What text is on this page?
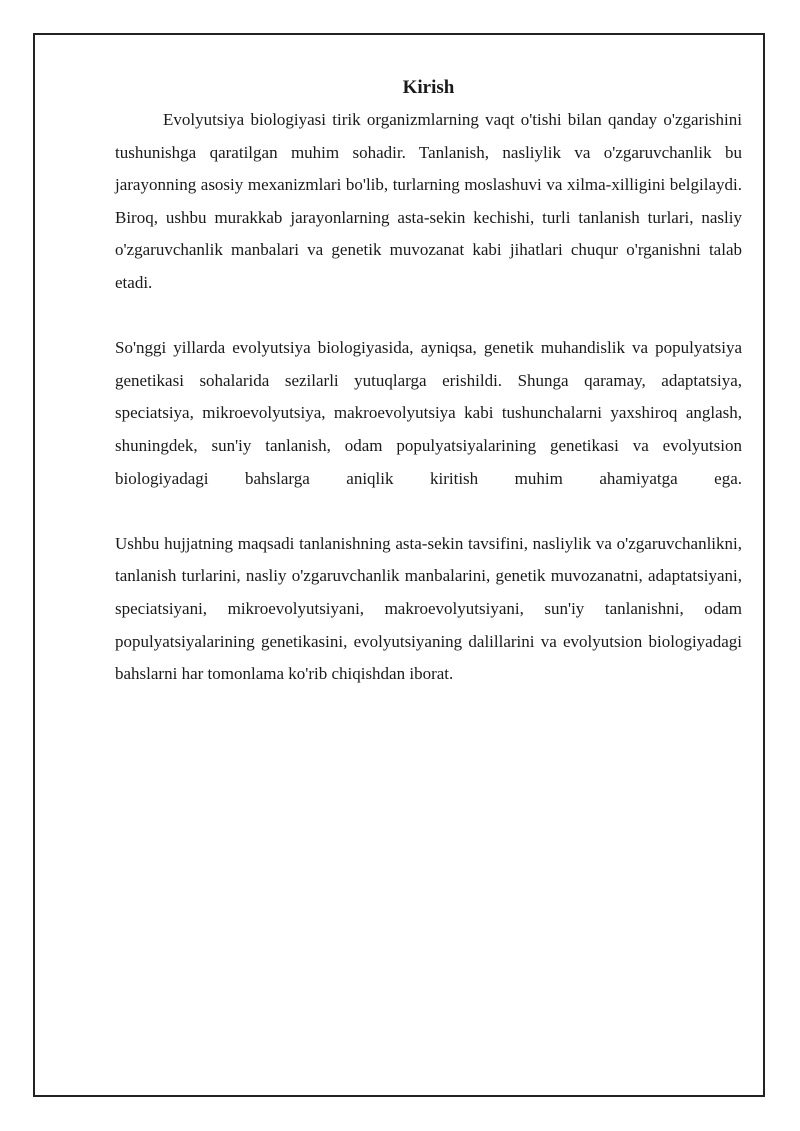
Kirish

Evolyutsiya biologiyasi tirik organizmlarning vaqt o'tishi bilan qanday o'zgarishini tushunishga qaratilgan muhim sohadir. Tanlanish, nasliylik va o'zgaruvchanlik bu jarayonning asosiy mexanizmlari bo'lib, turlarning moslashuvi va xilma-xilligini belgilaydi. Biroq, ushbu murakkab jarayonlarning asta-sekin kechishi, turli tanlanish turlari, nasliy o'zgaruvchanlik manbalari va genetik muvozanat kabi jihatlari chuqur o'rganishni talab etadi.

So'nggi yillarda evolyutsiya biologiyasida, ayniqsa, genetik muhandislik va populyatsiya genetikasi sohalarida sezilarli yutuqlarga erishildi. Shunga qaramay, adaptatsiya, speciatsiya, mikroevolyutsiya, makroevolyutsiya kabi tushunchalarni yaxshiroq anglash, shuningdek, sun'iy tanlanish, odam populyatsiyalarining genetikasi va evolyutsion biologiyadagi bahslarga aniqlik kiritish muhim ahamiyatga ega.

Ushbu hujjatning maqsadi tanlanishning asta-sekin tavsifini, nasliylik va o'zgaruvchanlikni, tanlanish turlarini, nasliy o'zgaruvchanlik manbalarini, genetik muvozanatni, adaptatsiyani, speciatsiyani, mikroevolyutsiyani, makroevolyutsiyani, sun'iy tanlanishni, odam populyatsiyalarining genetikasini, evolyutsiyaning dalillarini va evolyutsion biologiyadagi bahslarni har tomonlama ko'rib chiqishdan iborat.
